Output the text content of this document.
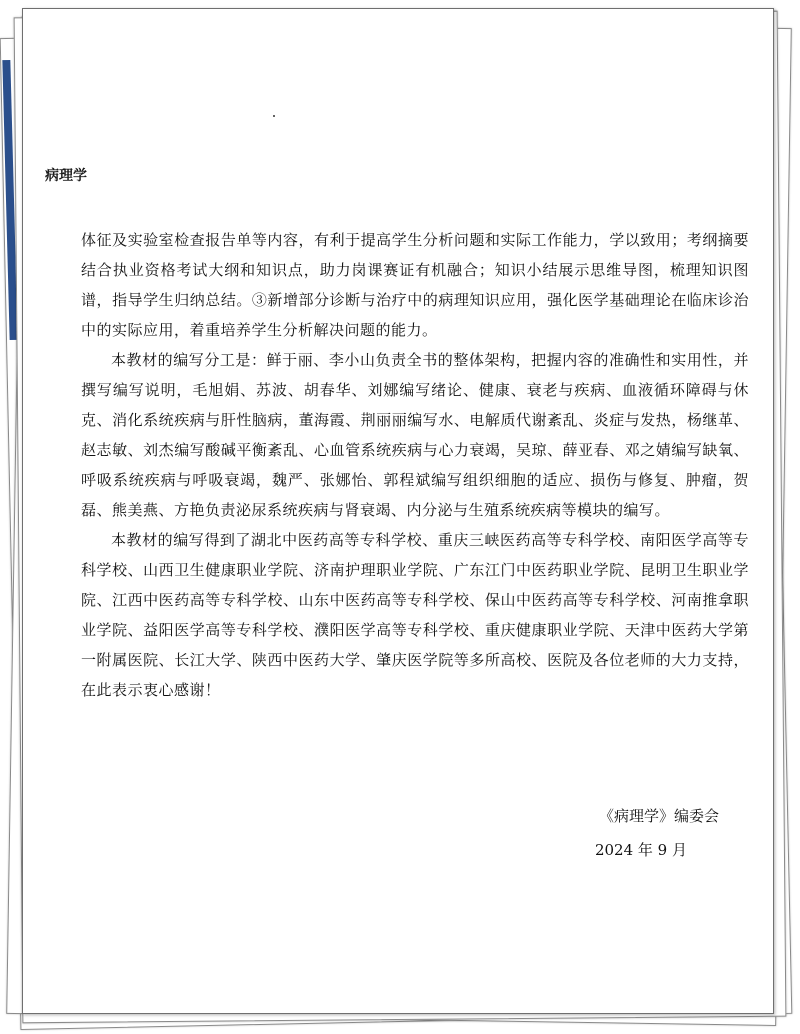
病理学

体征及实验室检查报告单等内容，有利于提高学生分析问题和实际工作能力，学以致用；考纲摘要结合执业资格考试大纲和知识点，助力岗课赛证有机融合；知识小结展示思维导图，梳理知识图谱，指导学生归纳总结。③新增部分诊断与治疗中的病理知识应用，强化医学基础理论在临床诊治中的实际应用，着重培养学生分析解决问题的能力。

本教材的编写分工是：鲜于丽、李小山负责全书的整体架构，把握内容的准确性和实用性，并撰写编写说明，毛旭娟、苏波、胡春华、刘娜编写绪论、健康、衰老与疾病、血液循环障碍与休克、消化系统疾病与肝性脑病，董海霞、荆丽丽编写水、电解质代谢紊乱、炎症与发热，杨继革、赵志敏、刘杰编写酸碱平衡紊乱、心血管系统疾病与心力衰竭，吴琼、薛亚春、邓之婧编写缺氧、呼吸系统疾病与呼吸衰竭，魏严、张娜怡、郭程斌编写组织细胞的适应、损伤与修复、肿瘤，贺磊、熊美燕、方艳负责泌尿系统疾病与肾衰竭、内分泌与生殖系统疾病等模块的编写。

本教材的编写得到了湖北中医药高等专科学校、重庆三峡医药高等专科学校、南阳医学高等专科学校、山西卫生健康职业学院、济南护理职业学院、广东江门中医药职业学院、昆明卫生职业学院、江西中医药高等专科学校、山东中医药高等专科学校、保山中医药高等专科学校、河南推拿职业学院、益阳医学高等专科学校、濮阳医学高等专科学校、重庆健康职业学院、天津中医药大学第一附属医院、长江大学、陕西中医药大学、肇庆医学院等多所高校、医院及各位老师的大力支持，在此表示衷心感谢！

《病理学》编委会

2024 年 9 月
